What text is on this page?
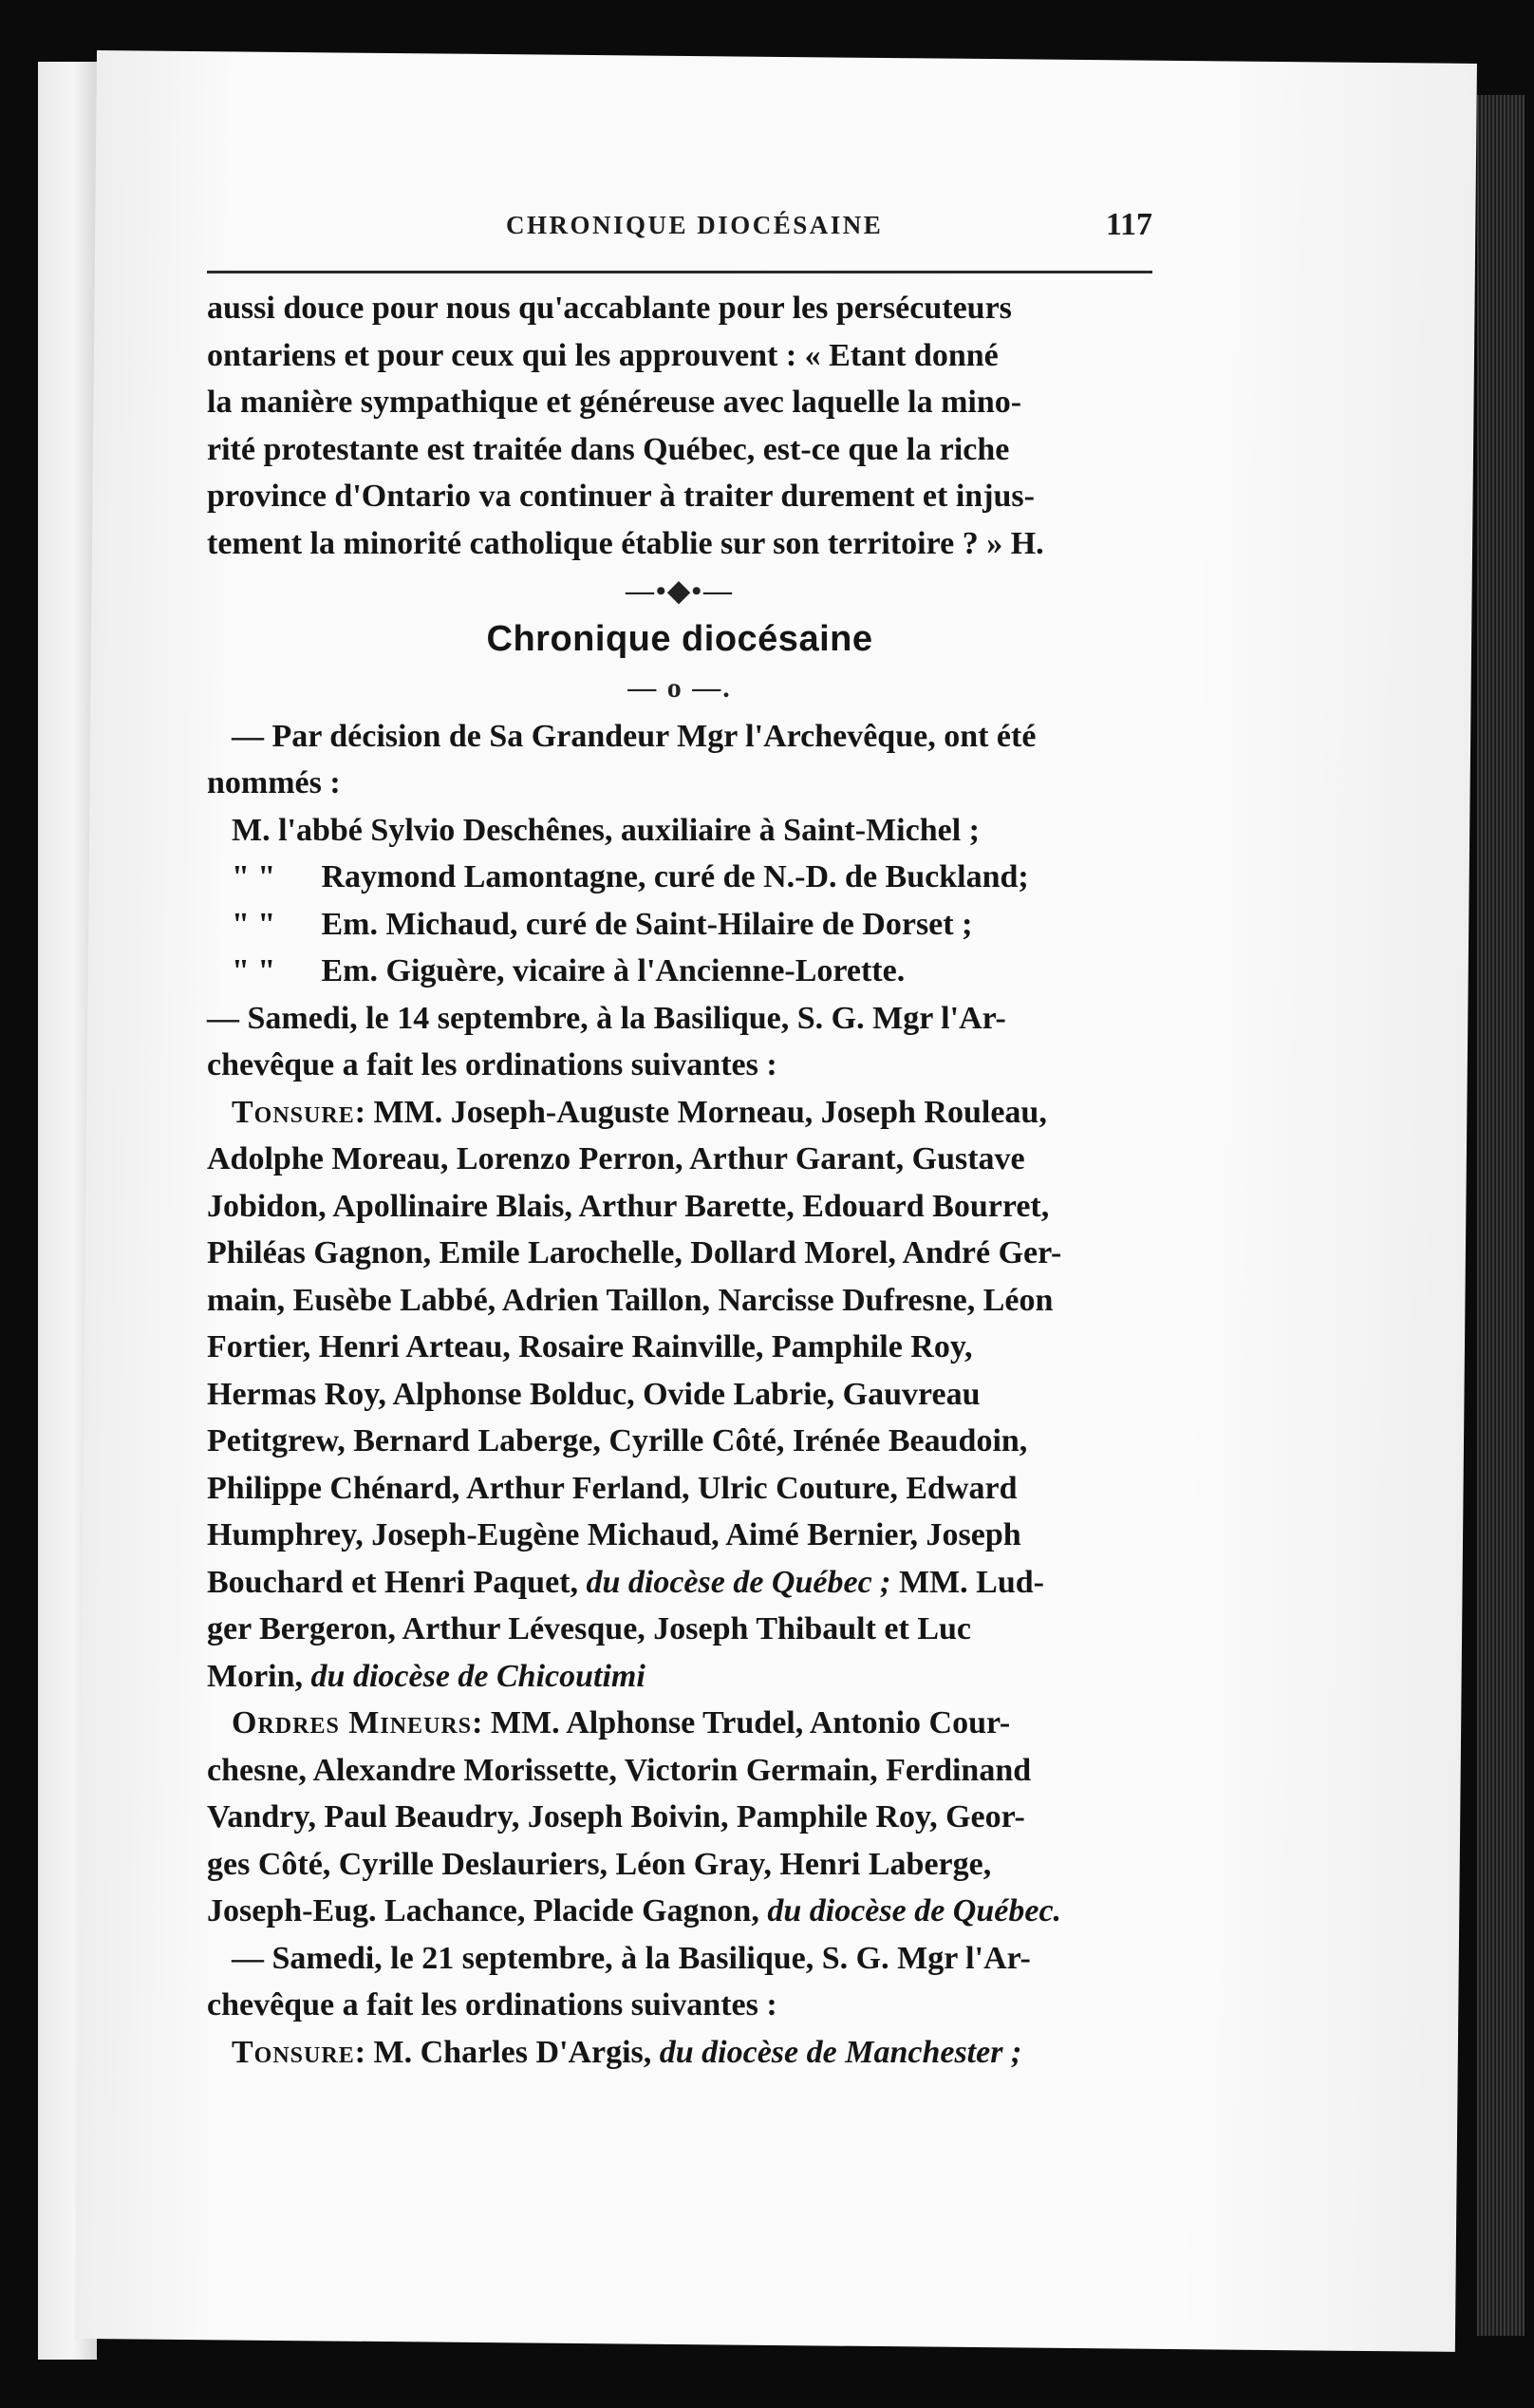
CHRONIQUE DIOCÉSAINE	117

aussi douce pour nous qu'accablante pour les persécuteurs

ontariens et pour ceux qui les approuvent : « Etant donné

la manière sympathique et généreuse avec laquelle la mino-

rité protestante est traitée dans Québec, est-ce que la riche

province d'Ontario va continuer à traiter durement et injus-

tement la minorité catholique établie sur son territoire ? » H.

—•◆•—

Chronique diocésaine

— o —.

— Par décision de Sa Grandeur Mgr l'Archevêque, ont été

nommés :

M. l'abbé Sylvio Deschênes, auxiliaire à Saint-Michel ;

" " Raymond Lamontagne, curé de N.-D. de Buckland;

" " Em. Michaud, curé de Saint-Hilaire de Dorset ;

" " Em. Giguère, vicaire à l'Ancienne-Lorette.

— Samedi, le 14 septembre, à la Basilique, S. G. Mgr l'Ar-

chevêque a fait les ordinations suivantes :

Tonsure: MM. Joseph-Auguste Morneau, Joseph Rouleau,

Adolphe Moreau, Lorenzo Perron, Arthur Garant, Gustave

Jobidon, Apollinaire Blais, Arthur Barette, Edouard Bourret,

Philéas Gagnon, Emile Larochelle, Dollard Morel, André Ger-

main, Eusèbe Labbé, Adrien Taillon, Narcisse Dufresne, Léon

Fortier, Henri Arteau, Rosaire Rainville, Pamphile Roy,

Hermas Roy, Alphonse Bolduc, Ovide Labrie, Gauvreau

Petitgrew, Bernard Laberge, Cyrille Côté, Irénée Beaudoin,

Philippe Chénard, Arthur Ferland, Ulric Couture, Edward

Humphrey, Joseph-Eugène Michaud, Aimé Bernier, Joseph

Bouchard et Henri Paquet, du diocèse de Québec ; MM. Lud-

ger Bergeron, Arthur Lévesque, Joseph Thibault et Luc

Morin, du diocèse de Chicoutimi

Ordres Mineurs: MM. Alphonse Trudel, Antonio Cour-

chesne, Alexandre Morissette, Victorin Germain, Ferdinand

Vandry, Paul Beaudry, Joseph Boivin, Pamphile Roy, Geor-

ges Côté, Cyrille Deslauriers, Léon Gray, Henri Laberge,

Joseph-Eug. Lachance, Placide Gagnon, du diocèse de Québec.

— Samedi, le 21 septembre, à la Basilique, S. G. Mgr l'Ar-

chevêque a fait les ordinations suivantes :

Tonsure: M. Charles D'Argis, du diocèse de Manchester ;
